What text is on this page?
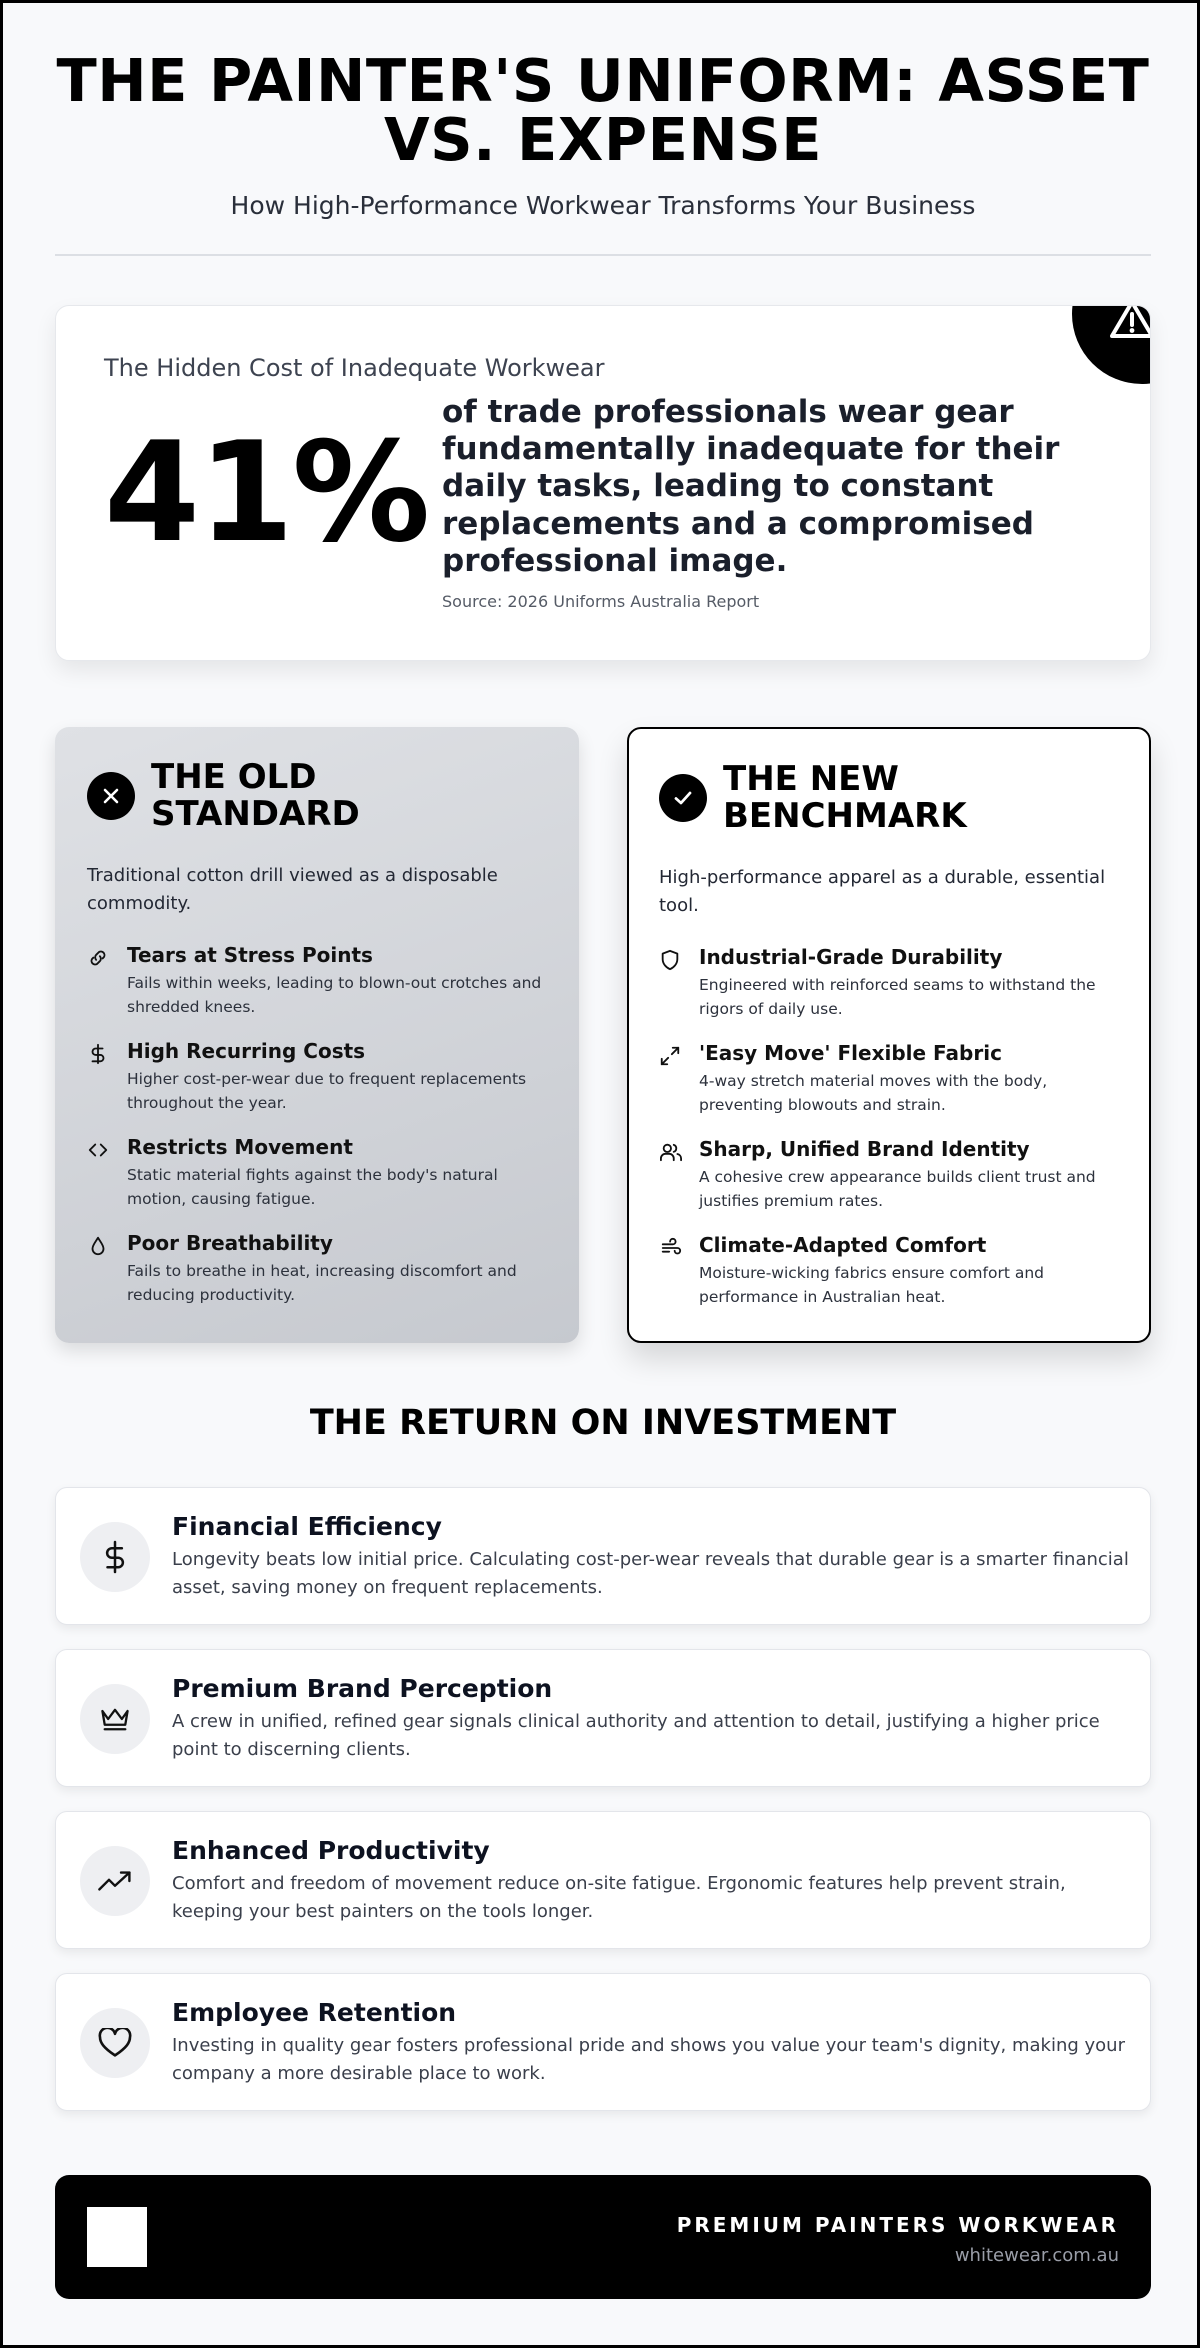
THE PAINTER'S UNIFORM: ASSET VS. EXPENSE
How High-Performance Workwear Transforms Your Business
The Hidden Cost of Inadequate Workwear
41% of trade professionals wear gear fundamentally inadequate for their daily tasks, leading to constant replacements and a compromised professional image.
Source: 2026 Uniforms Australia Report
THE OLD STANDARD
Traditional cotton drill viewed as a disposable commodity.
Tears at Stress Points
Fails within weeks, leading to blown-out crotches and shredded knees.
High Recurring Costs
Higher cost-per-wear due to frequent replacements throughout the year.
Restricts Movement
Static material fights against the body's natural motion, causing fatigue.
Poor Breathability
Fails to breathe in heat, increasing discomfort and reducing productivity.
THE NEW BENCHMARK
High-performance apparel as a durable, essential tool.
Industrial-Grade Durability
Engineered with reinforced seams to withstand the rigors of daily use.
'Easy Move' Flexible Fabric
4-way stretch material moves with the body, preventing blowouts and strain.
Sharp, Unified Brand Identity
A cohesive crew appearance builds client trust and justifies premium rates.
Climate-Adapted Comfort
Moisture-wicking fabrics ensure comfort and performance in Australian heat.
THE RETURN ON INVESTMENT
Financial Efficiency
Longevity beats low initial price. Calculating cost-per-wear reveals that durable gear is a smarter financial asset, saving money on frequent replacements.
Premium Brand Perception
A crew in unified, refined gear signals clinical authority and attention to detail, justifying a higher price point to discerning clients.
Enhanced Productivity
Comfort and freedom of movement reduce on-site fatigue. Ergonomic features help prevent strain, keeping your best painters on the tools longer.
Employee Retention
Investing in quality gear fosters professional pride and shows you value your team's dignity, making your company a more desirable place to work.
PREMIUM PAINTERS WORKWEAR
whitewear.com.au
